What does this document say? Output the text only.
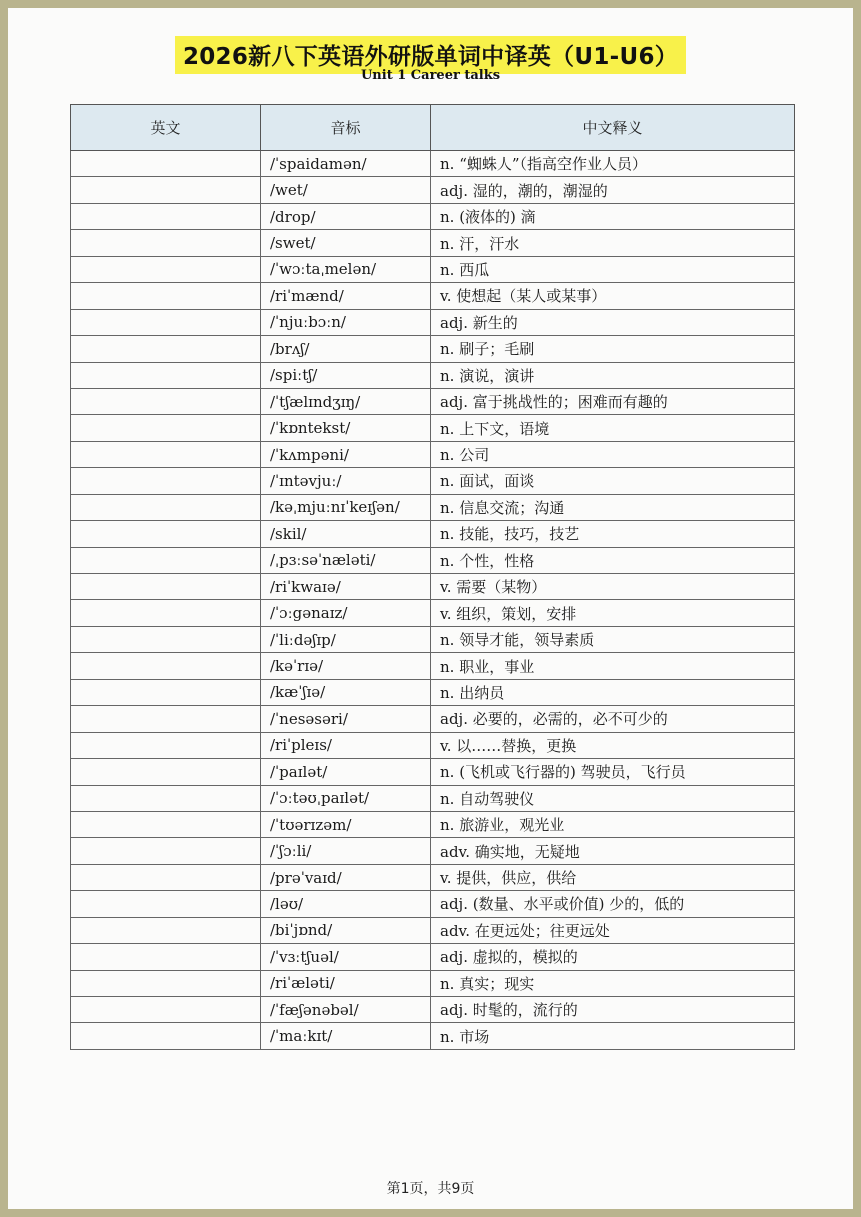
2026新八下英语外研版单词中译英（U1-U6）
Unit 1 Career talks
英文	音标	中文释义
	/ˈspaidamən/	n. “蜘蛛人”（指高空作业人员）
	/wet/	adj. 湿的，潮的，潮湿的
	/drop/	n. (液体的) 滴
	/swet/	n. 汗，汗水
	/ˈwɔːtaˌmelən/	n. 西瓜
	/riˈmænd/	v. 使想起（某人或某事）
	/ˈnjuːbɔːn/	adj. 新生的
	/brʌʃ/	n. 刷子；毛刷
	/spiːtʃ/	n. 演说，演讲
	/ˈtʃælɪndʒɪŋ/	adj. 富于挑战性的；困难而有趣的
	/ˈkɒntekst/	n. 上下文，语境
	/ˈkʌmpəni/	n. 公司
	/ˈɪntəvjuː/	n. 面试，面谈
	/kəˌmjuːnɪˈkeɪʃən/	n. 信息交流；沟通
	/skil/	n. 技能，技巧，技艺
	/ˌpɜːsəˈnæləti/	n. 个性，性格
	/riˈkwaɪə/	v. 需要（某物）
	/ˈɔːgənaɪz/	v. 组织，策划，安排
	/ˈliːdəʃɪp/	n. 领导才能，领导素质
	/kəˈrɪə/	n. 职业，事业
	/kæˈʃɪə/	n. 出纳员
	/ˈnesəsəri/	adj. 必要的，必需的，必不可少的
	/riˈpleɪs/	v. 以……替换，更换
	/ˈpaɪlət/	n. (飞机或飞行器的) 驾驶员，飞行员
	/ˈɔːtəʊˌpaɪlət/	n. 自动驾驶仪
	/ˈtʊərɪzəm/	n. 旅游业，观光业
	/ˈʃɔːli/	adv. 确实地，无疑地
	/prəˈvaɪd/	v. 提供，供应，供给
	/ləʊ/	adj. (数量、水平或价值) 少的，低的
	/biˈjɒnd/	adv. 在更远处；往更远处
	/ˈvɜːtʃuəl/	adj. 虚拟的，模拟的
	/riˈæləti/	n. 真实；现实
	/ˈfæʃənəbəl/	adj. 时髦的，流行的
	/ˈmaːkɪt/	n. 市场
第1页，共9页
